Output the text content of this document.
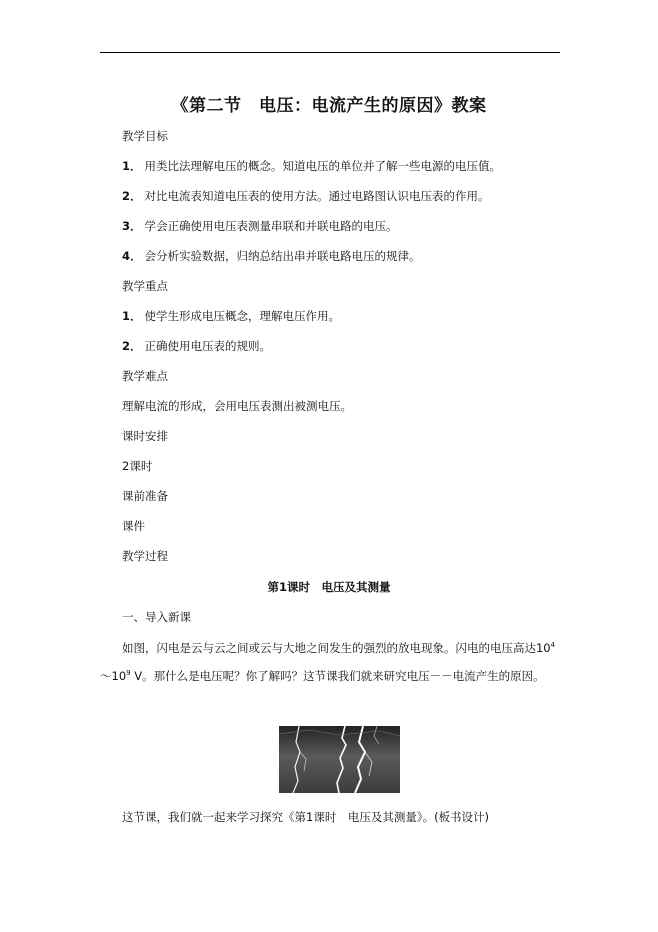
《第二节　电压：电流产生的原因》教案
教学目标
1． 用类比法理解电压的概念。知道电压的单位并了解一些电源的电压值。
2． 对比电流表知道电压表的使用方法。通过电路图认识电压表的作用。
3． 学会正确使用电压表测量串联和并联电路的电压。
4． 会分析实验数据，归纳总结出串并联电路电压的规律。
教学重点
1． 使学生形成电压概念，理解电压作用。
2． 正确使用电压表的规则。
教学难点
理解电流的形成，会用电压表测出被测电压。
课时安排
2课时
课前准备
课件
教学过程
第1课时　电压及其测量
一、导入新课
如图，闪电是云与云之间或云与大地之间发生的强烈的放电现象。闪电的电压高达$10^4\sim 10^9$ V。那什么是电压呢？你了解吗？这节课我们就来研究电压－－电流产生的原因。
这节课，我们就一起来学习探究《第1课时　电压及其测量》。(板书设计)
